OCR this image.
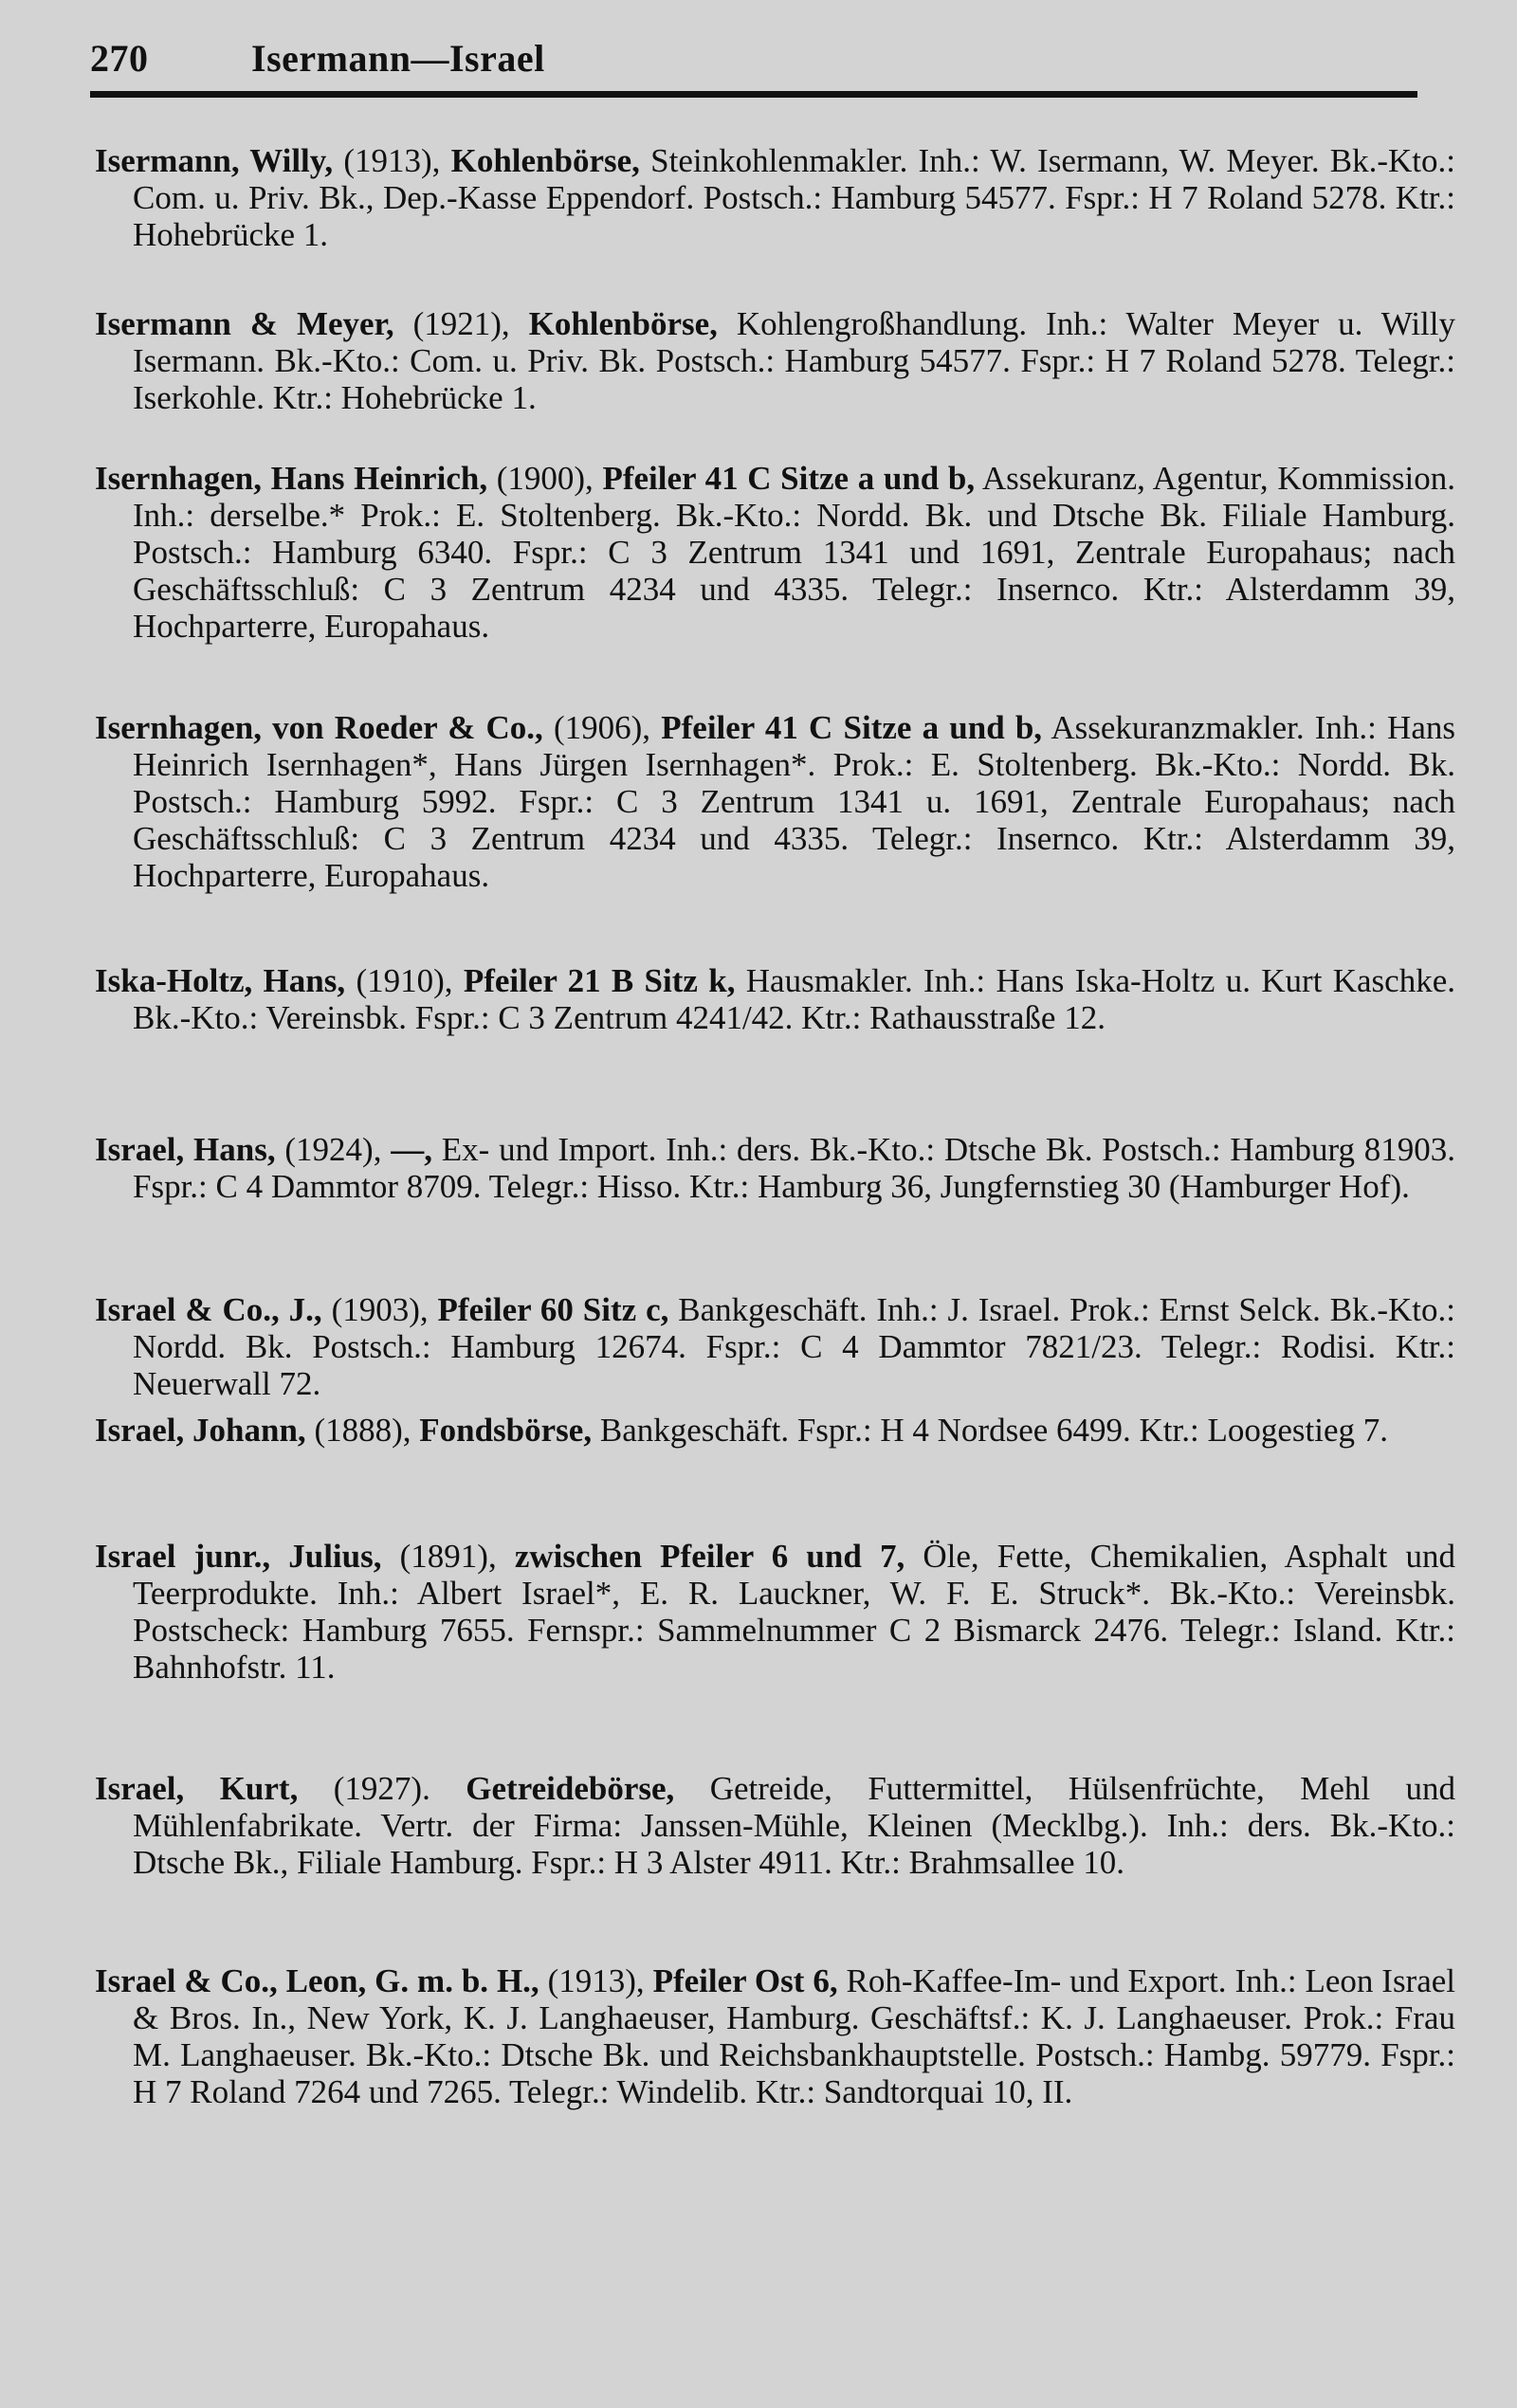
270	Isermann—Israel

Isermann, Willy, (1913), Kohlenbörse, Steinkohlenmakler. Inh.: W. Isermann, W. Meyer. Bk.-Kto.: Com. u. Priv. Bk., Dep.-Kasse Eppendorf. Postsch.: Hamburg 54577. Fspr.: H 7 Roland 5278. Ktr.: Hohebrücke 1.

Isermann & Meyer, (1921), Kohlenbörse, Kohlengroßhandlung. Inh.: Walter Meyer u. Willy Isermann. Bk.-Kto.: Com. u. Priv. Bk. Postsch.: Hamburg 54577. Fspr.: H 7 Roland 5278. Telegr.: Iserkohle. Ktr.: Hohebrücke 1.

Isernhagen, Hans Heinrich, (1900), Pfeiler 41 C Sitze a und b, Assekuranz, Agentur, Kommission. Inh.: derselbe.* Prok.: E. Stoltenberg. Bk.-Kto.: Nordd. Bk. und Dtsche Bk. Filiale Hamburg. Postsch.: Hamburg 6340. Fspr.: C 3 Zentrum 1341 und 1691, Zentrale Europahaus; nach Geschäftsschluß: C 3 Zentrum 4234 und 4335. Telegr.: Insernco. Ktr.: Alsterdamm 39, Hochparterre, Europahaus.

Isernhagen, von Roeder & Co., (1906), Pfeiler 41 C Sitze a und b, Assekuranzmakler. Inh.: Hans Heinrich Isernhagen*, Hans Jürgen Isernhagen*. Prok.: E. Stoltenberg. Bk.-Kto.: Nordd. Bk. Postsch.: Hamburg 5992. Fspr.: C 3 Zentrum 1341 u. 1691, Zentrale Europahaus; nach Geschäftsschluß: C 3 Zentrum 4234 und 4335. Telegr.: Insernco. Ktr.: Alsterdamm 39, Hochparterre, Europahaus.

Iska-Holtz, Hans, (1910), Pfeiler 21 B Sitz k, Hausmakler. Inh.: Hans Iska-Holtz u. Kurt Kaschke. Bk.-Kto.: Vereinsbk. Fspr.: C 3 Zentrum 4241/42. Ktr.: Rathausstraße 12.

Israel, Hans, (1924), —, Ex- und Import. Inh.: ders. Bk.-Kto.: Dtsche Bk. Postsch.: Hamburg 81903. Fspr.: C 4 Dammtor 8709. Telegr.: Hisso. Ktr.: Hamburg 36, Jungfernstieg 30 (Hamburger Hof).

Israel & Co., J., (1903), Pfeiler 60 Sitz c, Bankgeschäft. Inh.: J. Israel. Prok.: Ernst Selck. Bk.-Kto.: Nordd. Bk. Postsch.: Hamburg 12674. Fspr.: C 4 Dammtor 7821/23. Telegr.: Rodisi. Ktr.: Neuerwall 72.

Israel, Johann, (1888), Fondsbörse, Bankgeschäft. Fspr.: H 4 Nordsee 6499. Ktr.: Loogestieg 7.

Israel junr., Julius, (1891), zwischen Pfeiler 6 und 7, Öle, Fette, Chemikalien, Asphalt und Teerprodukte. Inh.: Albert Israel*, E. R. Lauckner, W. F. E. Struck*. Bk.-Kto.: Vereinsbk. Postscheck: Hamburg 7655. Fernspr.: Sammelnummer C 2 Bismarck 2476. Telegr.: Island. Ktr.: Bahnhofstr. 11.

Israel, Kurt, (1927). Getreidebörse, Getreide, Futtermittel, Hülsenfrüchte, Mehl und Mühlenfabrikate. Vertr. der Firma: Janssen-Mühle, Kleinen (Mecklbg.). Inh.: ders. Bk.-Kto.: Dtsche Bk., Filiale Hamburg. Fspr.: H 3 Alster 4911. Ktr.: Brahmsallee 10.

Israel & Co., Leon, G. m. b. H., (1913), Pfeiler Ost 6, Roh-Kaffee-Im- und Export. Inh.: Leon Israel & Bros. In., New York, K. J. Langhaeuser, Hamburg. Geschäftsf.: K. J. Langhaeuser. Prok.: Frau M. Langhaeuser. Bk.-Kto.: Dtsche Bk. und Reichsbankhauptstelle. Postsch.: Hambg. 59779. Fspr.: H 7 Roland 7264 und 7265. Telegr.: Windelib. Ktr.: Sandtorquai 10, II.
